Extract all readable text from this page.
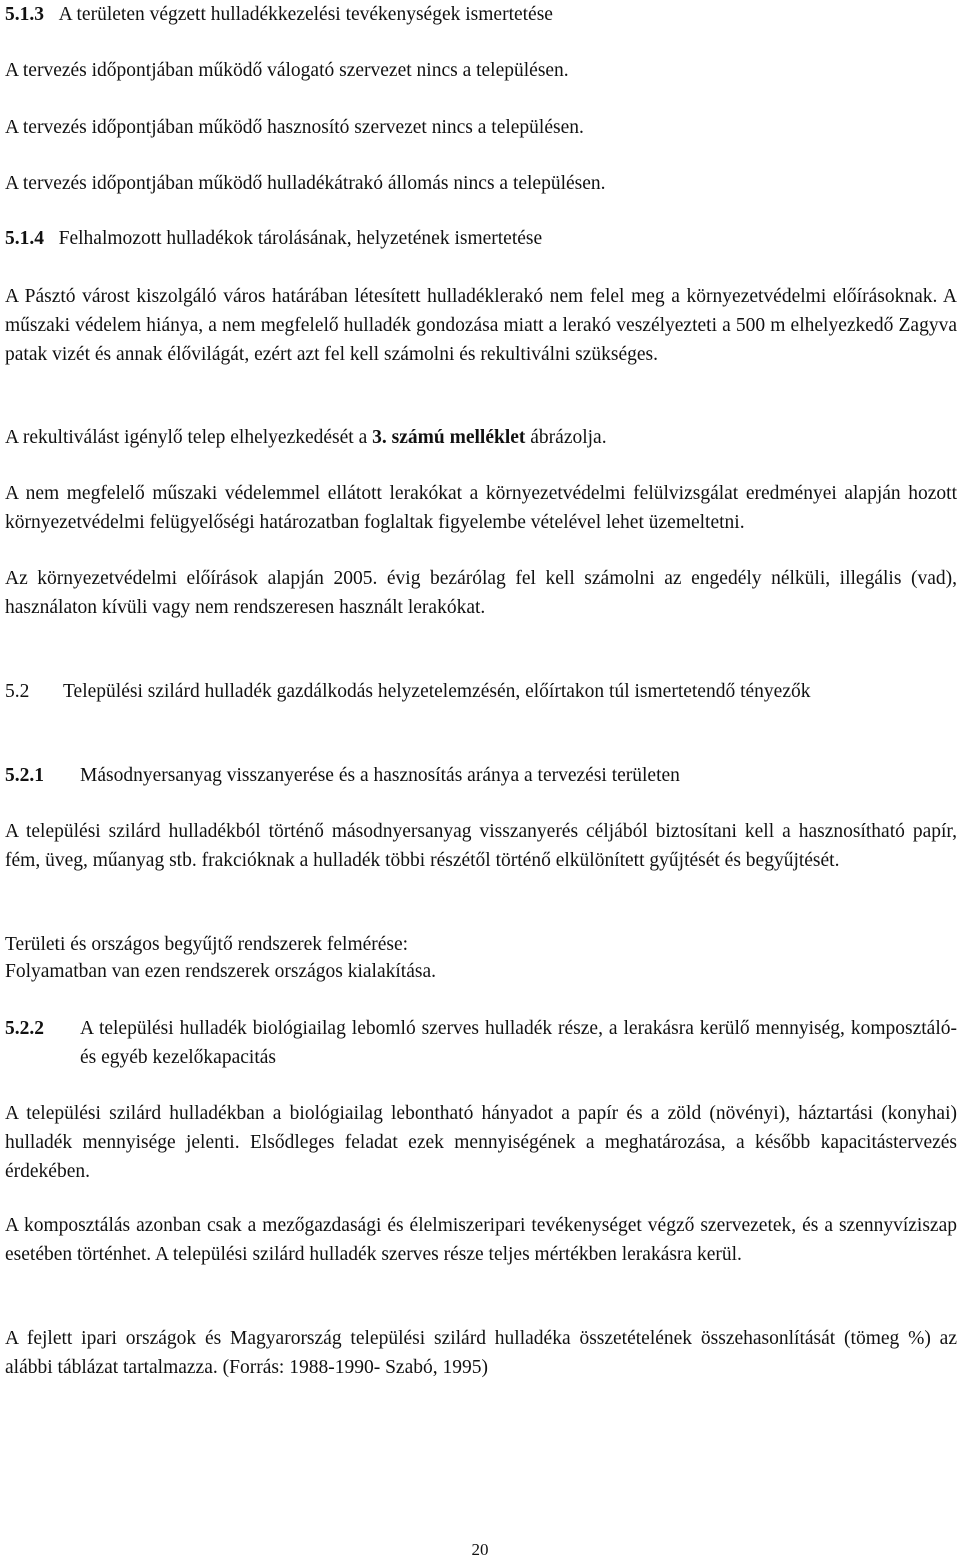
5.1.3 A területen végzett hulladékkezelési tevékenységek ismertetése

A tervezés időpontjában működő válogató szervezet nincs a településen.

A tervezés időpontjában működő hasznosító szervezet nincs a településen.

A tervezés időpontjában működő hulladékátrakó állomás nincs a településen.

5.1.4 Felhalmozott hulladékok tárolásának, helyzetének ismertetése

A Pásztó várost kiszolgáló város határában létesített hulladéklerakó nem felel meg a környezetvédelmi előírásoknak. A műszaki védelem hiánya, a nem megfelelő hulladék gondozása miatt a lerakó veszélyezteti a 500 m elhelyezkedő Zagyva patak vizét és annak élővilágát, ezért azt fel kell számolni és rekultiválni szükséges.

A rekultiválást igénylő telep elhelyezkedését a 3. számú melléklet ábrázolja.

A nem megfelelő műszaki védelemmel ellátott lerakókat a környezetvédelmi felülvizsgálat eredményei alapján hozott környezetvédelmi felügyelőségi határozatban foglaltak figyelembe vételével lehet üzemeltetni.

Az környezetvédelmi előírások alapján 2005. évig bezárólag fel kell számolni az engedély nélküli, illegális (vad), használaton kívüli vagy nem rendszeresen használt lerakókat.

5.2 Települési szilárd hulladék gazdálkodás helyzetelemzésén, előírtakon túl ismertetendő tényezők
5.2.1 Másodnyersanyag visszanyerése és a hasznosítás aránya a tervezési területen

A települési szilárd hulladékból történő másodnyersanyag visszanyerés céljából biztosítani kell a hasznosítható papír, fém, üveg, műanyag stb. frakcióknak a hulladék többi részétől történő elkülönített gyűjtését és begyűjtését.

Területi és országos begyűjtő rendszerek felmérése:

Folyamatban van ezen rendszerek országos kialakítása.

5.2.2 A települési hulladék biológiailag lebomló szerves hulladék része, a lerakásra kerülő mennyiség, komposztáló- és egyéb kezelőkapacitás

A települési szilárd hulladékban a biológiailag lebontható hányadot a papír és a zöld (növényi), háztartási (konyhai) hulladék mennyisége jelenti. Elsődleges feladat ezek mennyiségének a meghatározása, a később kapacitástervezés érdekében.

A komposztálás azonban csak a mezőgazdasági és élelmiszeripari tevékenységet végző szervezetek, és a szennyvíziszap esetében történhet. A települési szilárd hulladék szerves része teljes mértékben lerakásra kerül.

A fejlett ipari országok és Magyarország települési szilárd hulladéka összetételének összehasonlítását (tömeg %) az alábbi táblázat tartalmazza. (Forrás: 1988-1990- Szabó, 1995)

20
